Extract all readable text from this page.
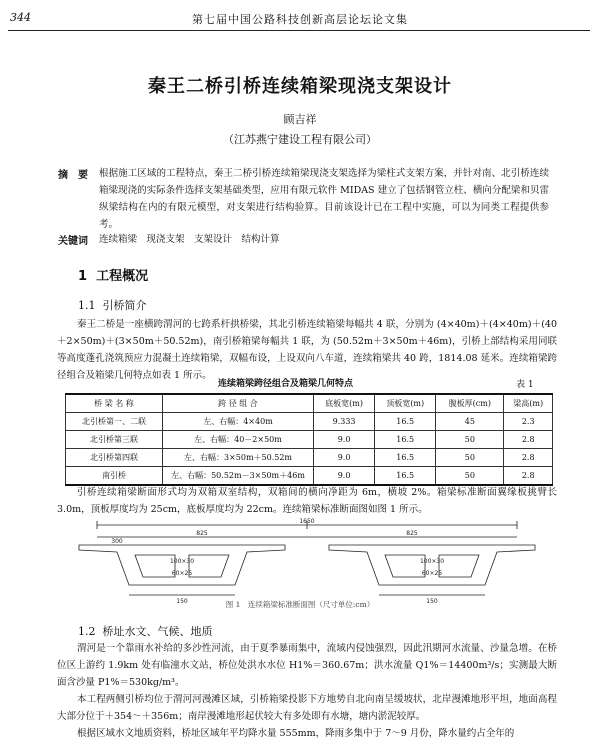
344	第七届中国公路科技创新高层论坛论文集
秦王二桥引桥连续箱梁现浇支架设计
顾吉祥
（江苏燕宁建设工程有限公司）
摘　要 根据施工区域的工程特点，秦王二桥引桥连续箱梁现浇支架选择为梁柱式支架方案，并针对南、北引桥连续箱梁现浇的实际条件选择支架基础类型，应用有限元软件 MIDAS 建立了包括钢管立柱、横向分配梁和贝雷纵梁结构在内的有限元模型，对支架进行结构验算。目前该设计已在工程中实施，可以为同类工程提供参考。
关键词 连续箱梁　现浇支架　支架设计　结构计算
1 工程概况
1.1 引桥简介
秦王二桥是一座横跨渭河的七跨系杆拱桥梁，其北引桥连续箱梁每幅共 4 联，分别为 (4×40m)＋(4×40m)＋(40＋2×50m)＋(3×50m＋50.52m)，南引桥箱梁每幅共 1 联，为 (50.52m＋3×50m＋46m)，引桥上部结构采用同联等高度蓬孔浇筑预应力混凝土连续箱梁，双幅布设，上设双向八车道，连续箱梁共 40 跨，1814.08 延米。连续箱梁跨径组合及箱梁几何特点如表 1 所示。
连续箱梁跨径组合及箱梁几何特点	表 1
桥 梁 名 称	跨 径 组 合	底板宽(m)	顶板宽(m)	腹板厚(cm)	梁高(m)
北引桥第一、二联	左、右幅：4×40m	9.333	16.5	45	2.3
北引桥第三联	左、右幅：40－2×50m	9.0	16.5	50	2.8
北引桥第四联	左、右幅：3×50m＋50.52m	9.0	16.5	50	2.8
南引桥	左、右幅：50.52m－3×50m＋46m	9.0	16.5	50	2.8
引桥连续箱梁断面形式均为双箱双室结构，双箱间的横向净距为 6m，横坡 2%。箱梁标准断面翼缘板挑臂长 3.0m，顶板厚度均为 25cm，底板厚度均为 22cm。连续箱梁标准断面图如图 1 所示。
1650
825	825
300
100×30	100×30
60×25	60×25
150	150
图 1　连续箱梁标准断面图（尺寸单位:cm）
1.2 桥址水文、气候、地质
渭河是一个靠雨水补给的多沙性河流，由于夏季暴雨集中，流域内侵蚀强烈，因此汛期河水流量、沙量急增。在桥位区上游约 1.9km 处有临潼水文站，桥位处洪水水位 H1%＝360.67m；洪水流量 Q1%＝14400m³/s；实测最大断面含沙量 P1%＝530kg/m³。
本工程两侧引桥均位于渭河河漫滩区域，引桥箱梁投影下方地势自北向南呈缓坡状，北岸漫滩地形平坦，地面高程大部分位于＋354～＋356m；南岸漫滩地形起伏较大有多处即有水塘，塘内淤泥较厚。
根据区域水文地质资料，桥址区域年平均降水量 555mm，降雨多集中于 7～9 月份，降水量约占全年的
